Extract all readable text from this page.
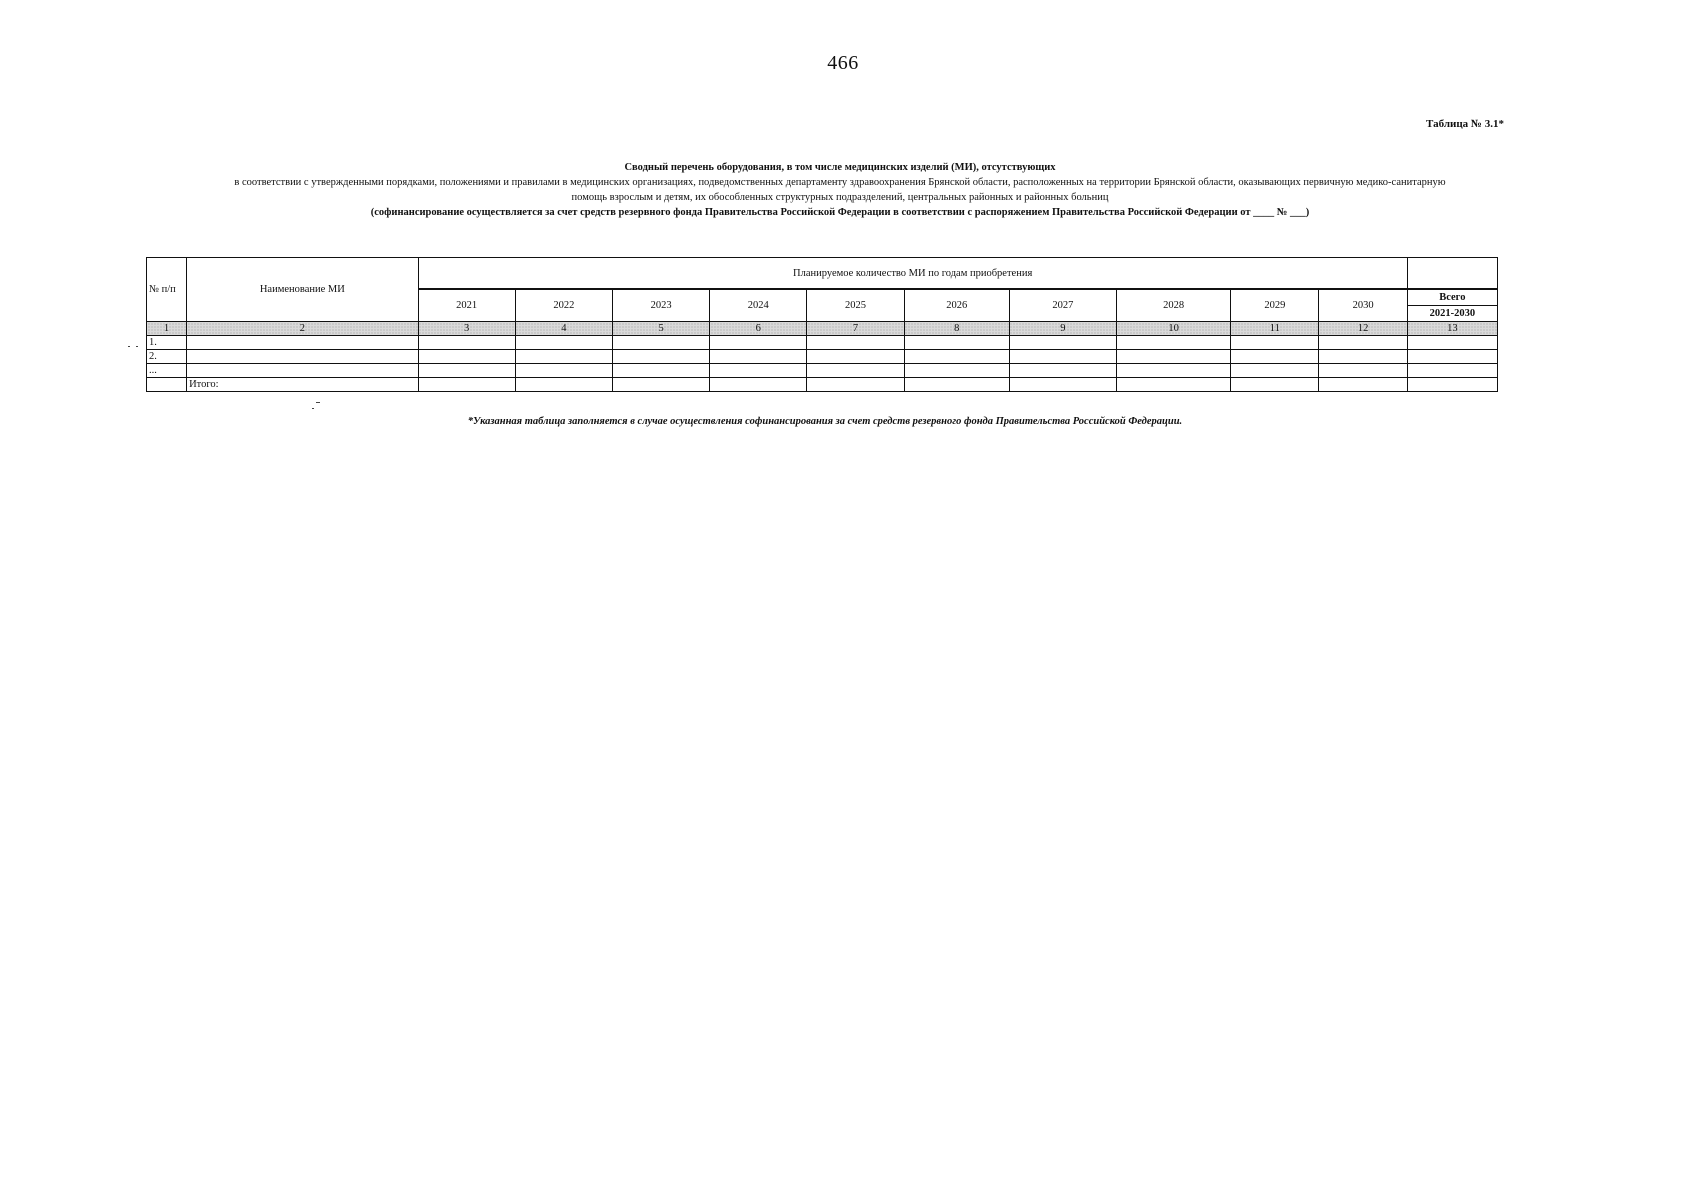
466
Таблица № 3.1*
Сводный перечень оборудования, в том числе медицинских изделий (МИ), отсутствующих
в соответствии с утвержденными порядками, положениями и правилами в медицинских организациях, подведомственных департаменту здравоохранения Брянской области, расположенных на территории Брянской области, оказывающих первичную медико-санитарную
помощь взрослым и детям, их обособленных структурных подразделений, центральных районных и районных больниц
(софинансирование осуществляется за счет средств резервного фонда Правительства Российской Федерации в соответствии с распоряжением Правительства Российской Федерации от ____ № ___)
№ п/п	Наименование МИ	Планируемое количество МИ по годам приобретения										
		2021	2022	2023	2024	2025	2026	2027	2028	2029	2030	Всего
												2021-2030
1	2	3	4	5	6	7	8	9	10	11	12	13
1.												
2.												
...												
	Итого:											
*Указанная таблица заполняется в случае осуществления софинансирования за счет средств резервного фонда Правительства Российской Федерации.
